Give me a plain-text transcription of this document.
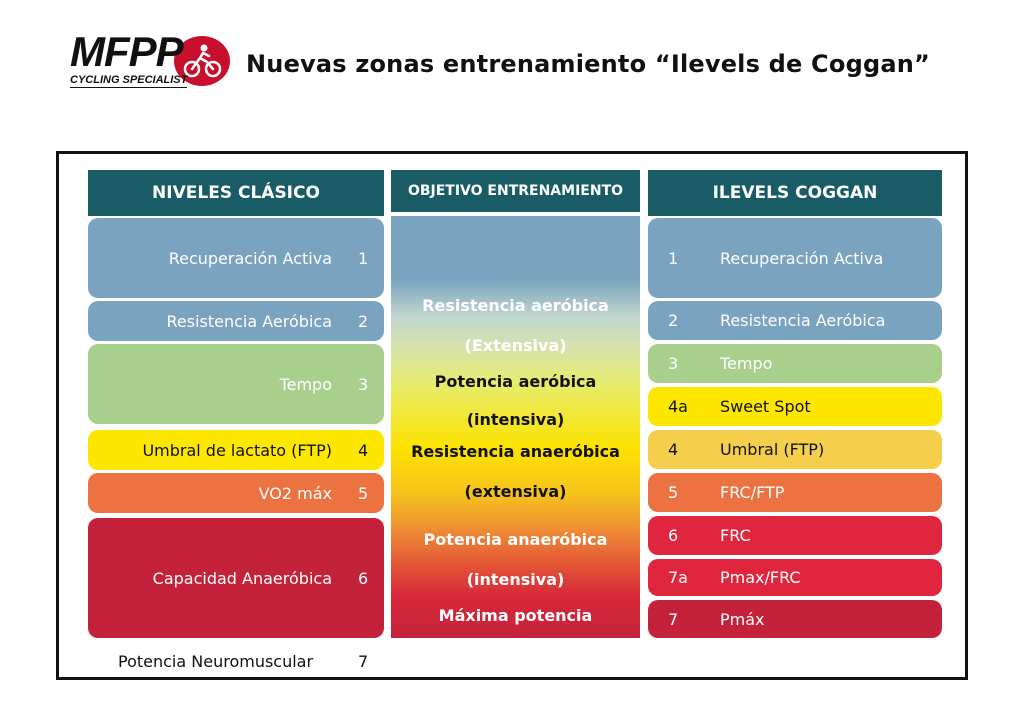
MFPP
CYCLING SPECIALIST
Nuevas zonas entrenamiento “Ilevels de Coggan”
NIVELES CLÁSICO
Recuperación Activa 1
Resistencia Aeróbica 2
Tempo 3
Umbral de lactato (FTP) 4
VO2 máx 5
Capacidad Anaeróbica 6
Potencia Neuromuscular	7
OBJETIVO ENTRENAMIENTO
Resistencia aeróbica
(Extensiva)
Potencia aeróbica
(intensiva)
Resistencia anaeróbica
(extensiva)
Potencia anaeróbica
(intensiva)
Máxima potencia
ILEVELS COGGAN
1	Recuperación Activa
2	Resistencia Aeróbica
3	Tempo
4a	Sweet Spot
4	Umbral (FTP)
5	FRC/FTP
6	FRC
7a	Pmax/FRC
7	Pmáx
